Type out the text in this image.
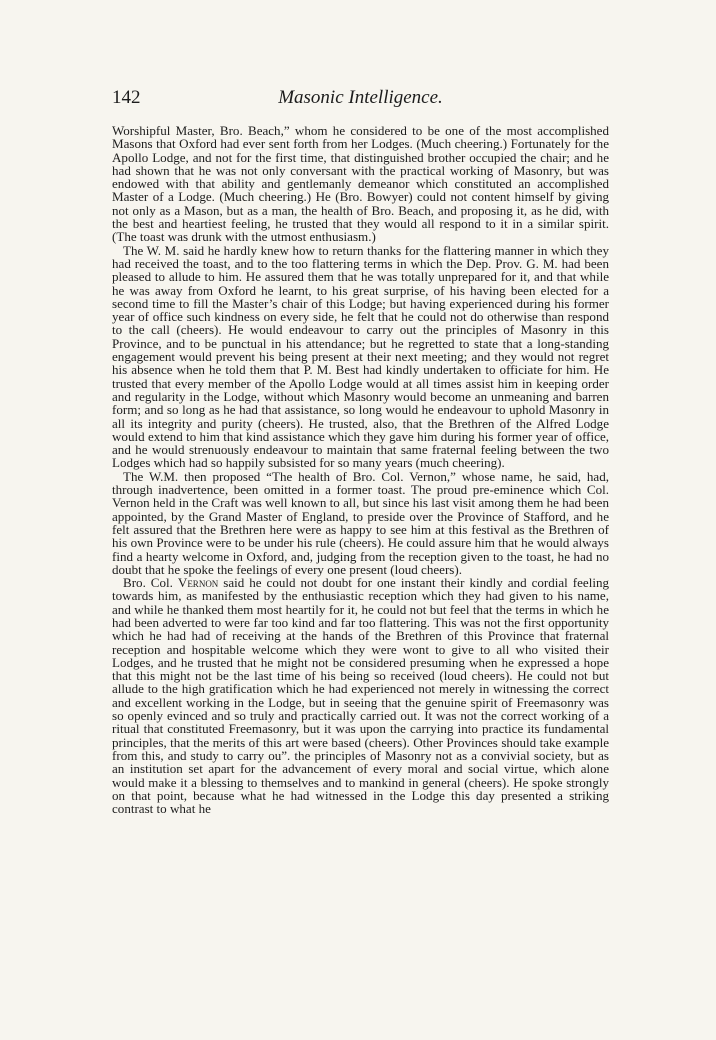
142	Masonic Intelligence.

Worshipful Master, Bro. Beach,” whom he considered to be one of the most accomplished Masons that Oxford had ever sent forth from her Lodges. (Much cheering.) Fortunately for the Apollo Lodge, and not for the first time, that distinguished brother occupied the chair; and he had shown that he was not only conversant with the practical working of Masonry, but was endowed with that ability and gentlemanly demeanor which constituted an accomplished Master of a Lodge. (Much cheering.) He (Bro. Bowyer) could not content himself by giving not only as a Mason, but as a man, the health of Bro. Beach, and proposing it, as he did, with the best and heartiest feeling, he trusted that they would all respond to it in a similar spirit. (The toast was drunk with the utmost enthusiasm.)

The W. M. said he hardly knew how to return thanks for the flattering manner in which they had received the toast, and to the too flattering terms in which the Dep. Prov. G. M. had been pleased to allude to him. He assured them that he was totally unprepared for it, and that while he was away from Oxford he learnt, to his great surprise, of his having been elected for a second time to fill the Master’s chair of this Lodge; but having experienced during his former year of office such kindness on every side, he felt that he could not do otherwise than respond to the call (cheers). He would endeavour to carry out the principles of Masonry in this Province, and to be punctual in his attendance; but he regretted to state that a long-standing engagement would prevent his being present at their next meeting; and they would not regret his absence when he told them that P. M. Best had kindly undertaken to officiate for him. He trusted that every member of the Apollo Lodge would at all times assist him in keeping order and regularity in the Lodge, without which Masonry would become an unmeaning and barren form; and so long as he had that assistance, so long would he endeavour to uphold Masonry in all its integrity and purity (cheers). He trusted, also, that the Brethren of the Alfred Lodge would extend to him that kind assistance which they gave him during his former year of office, and he would strenuously endeavour to maintain that same fraternal feeling between the two Lodges which had so happily subsisted for so many years (much cheering).

The W.M. then proposed “The health of Bro. Col. Vernon,” whose name, he said, had, through inadvertence, been omitted in a former toast. The proud pre-eminence which Col. Vernon held in the Craft was well known to all, but since his last visit among them he had been appointed, by the Grand Master of England, to preside over the Province of Stafford, and he felt assured that the Brethren here were as happy to see him at this festival as the Brethren of his own Province were to be under his rule (cheers). He could assure him that he would always find a hearty welcome in Oxford, and, judging from the reception given to the toast, he had no doubt that he spoke the feelings of every one present (loud cheers).

Bro. Col. Vernon said he could not doubt for one instant their kindly and cordial feeling towards him, as manifested by the enthusiastic reception which they had given to his name, and while he thanked them most heartily for it, he could not but feel that the terms in which he had been adverted to were far too kind and far too flattering. This was not the first opportunity which he had had of receiving at the hands of the Brethren of this Province that fraternal reception and hospitable welcome which they were wont to give to all who visited their Lodges, and he trusted that he might not be considered presuming when he expressed a hope that this might not be the last time of his being so received (loud cheers). He could not but allude to the high gratification which he had experienced not merely in witnessing the correct and excellent working in the Lodge, but in seeing that the genuine spirit of Freemasonry was so openly evinced and so truly and practically carried out. It was not the correct working of a ritual that constituted Freemasonry, but it was upon the carrying into practice its fundamental principles, that the merits of this art were based (cheers). Other Provinces should take example from this, and study to carry ou”. the principles of Masonry not as a convivial society, but as an institution set apart for the advancement of every moral and social virtue, which alone would make it a blessing to themselves and to mankind in general (cheers). He spoke strongly on that point, because what he had witnessed in the Lodge this day presented a striking contrast to what he
